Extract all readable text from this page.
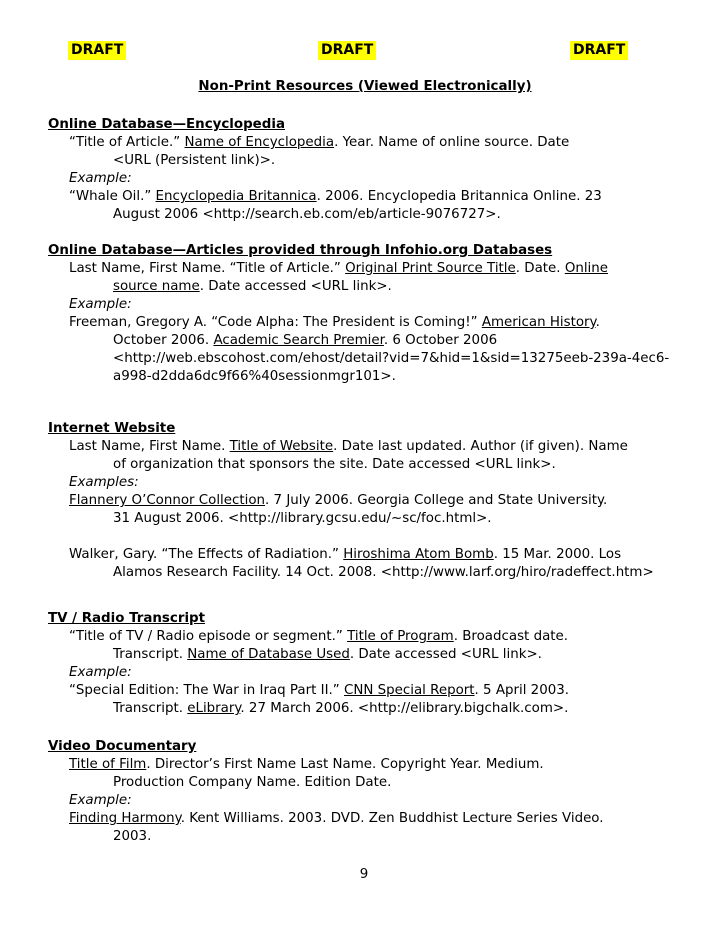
DRAFT	DRAFT	DRAFT
Non-Print Resources (Viewed Electronically)
Online Database—Encyclopedia
“Title of Article.” Name of Encyclopedia. Year. Name of online source. Date
<URL (Persistent link)>.
Example:
“Whale Oil.” Encyclopedia Britannica. 2006. Encyclopedia Britannica Online. 23
August 2006 <http://search.eb.com/eb/article-9076727>.
Online Database—Articles provided through Infohio.org Databases
Last Name, First Name. “Title of Article.” Original Print Source Title. Date. Online
source name. Date accessed <URL link>.
Example:
Freeman, Gregory A. “Code Alpha: The President is Coming!” American History.
October 2006. Academic Search Premier. 6 October 2006
<http://web.ebscohost.com/ehost/detail?vid=7&hid=1&sid=13275eeb-239a-4ec6-
a998-d2dda6dc9f66%40sessionmgr101>.
Internet Website
Last Name, First Name. Title of Website. Date last updated. Author (if given). Name
of organization that sponsors the site. Date accessed <URL link>.
Examples:
Flannery O’Connor Collection. 7 July 2006. Georgia College and State University.
31 August 2006. <http://library.gcsu.edu/~sc/foc.html>.
Walker, Gary. “The Effects of Radiation.” Hiroshima Atom Bomb. 15 Mar. 2000. Los
Alamos Research Facility. 14 Oct. 2008. <http://www.larf.org/hiro/radeffect.htm>
TV / Radio Transcript
“Title of TV / Radio episode or segment.” Title of Program. Broadcast date.
Transcript. Name of Database Used. Date accessed <URL link>.
Example:
“Special Edition: The War in Iraq Part II.” CNN Special Report. 5 April 2003.
Transcript. eLibrary. 27 March 2006. <http://elibrary.bigchalk.com>.
Video Documentary
Title of Film. Director’s First Name Last Name. Copyright Year. Medium.
Production Company Name. Edition Date.
Example:
Finding Harmony. Kent Williams. 2003. DVD. Zen Buddhist Lecture Series Video.
2003.
9
